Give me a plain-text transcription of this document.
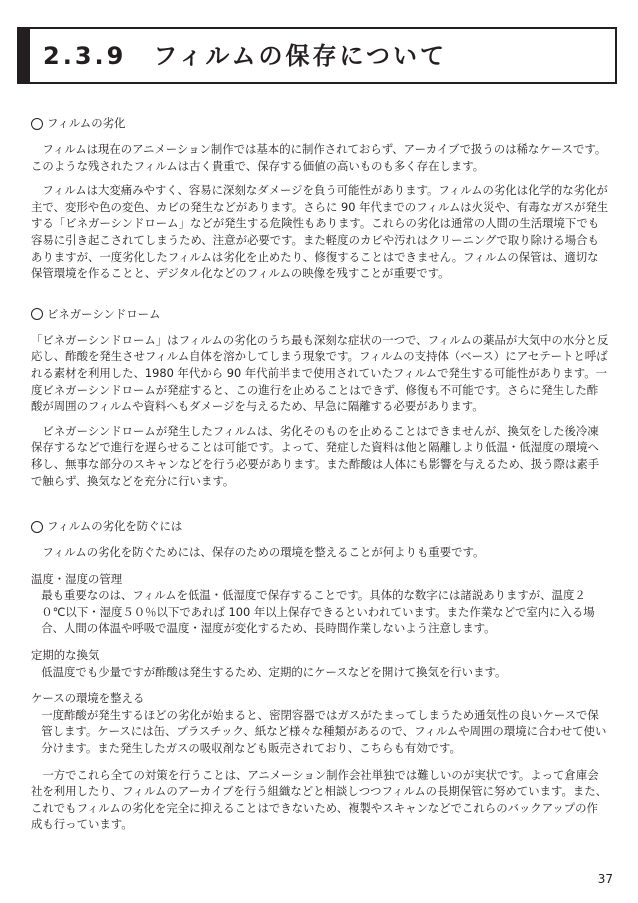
2.3.9　フィルムの保存について
フィルムの劣化

フィルムは現在のアニメーション制作では基本的に制作されておらず、アーカイブで扱うのは稀なケースです。このような残されたフィルムは古く貴重で、保存する価値の高いものも多く存在します。

フィルムは大変痛みやすく、容易に深刻なダメージを負う可能性があります。フィルムの劣化は化学的な劣化が主で、変形や色の変色、カビの発生などがあります。さらに 90 年代までのフィルムは火災や、有毒なガスが発生する「ビネガーシンドローム」などが発生する危険性もあります。これらの劣化は通常の人間の生活環境下でも容易に引き起こされてしまうため、注意が必要です。また軽度のカビや汚れはクリーニングで取り除ける場合もありますが、一度劣化したフィルムは劣化を止めたり、修復することはできません。フィルムの保管は、適切な保管環境を作ることと、デジタル化などのフィルムの映像を残すことが重要です。

ビネガーシンドローム

「ビネガーシンドローム」はフィルムの劣化のうち最も深刻な症状の一つで、フィルムの薬品が大気中の水分と反応し、酢酸を発生させフィルム自体を溶かしてしまう現象です。フィルムの支持体（ベース）にアセテートと呼ばれる素材を利用した、1980 年代から 90 年代前半まで使用されていたフィルムで発生する可能性があります。一度ビネガーシンドロームが発症すると、この進行を止めることはできず、修復も不可能です。さらに発生した酢酸が周囲のフィルムや資料へもダメージを与えるため、早急に隔離する必要があります。

ビネガーシンドロームが発生したフィルムは、劣化そのものを止めることはできませんが、換気をした後冷凍保存するなどで進行を遅らせることは可能です。よって、発症した資料は他と隔離しより低温・低湿度の環境へ移し、無事な部分のスキャンなどを行う必要があります。また酢酸は人体にも影響を与えるため、扱う際は素手で触らず、換気などを充分に行います。

フィルムの劣化を防ぐには

フィルムの劣化を防ぐためには、保存のための環境を整えることが何よりも重要です。

温度・湿度の管理

最も重要なのは、フィルムを低温・低湿度で保存することです。具体的な数字には諸説ありますが、温度２０℃以下・湿度５０％以下であれば 100 年以上保存できるといわれています。また作業などで室内に入る場合、人間の体温や呼吸で温度・湿度が変化するため、長時間作業しないよう注意します。

定期的な換気

低温度でも少量ですが酢酸は発生するため、定期的にケースなどを開けて換気を行います。

ケースの環境を整える

一度酢酸が発生するほどの劣化が始まると、密閉容器ではガスがたまってしまうため通気性の良いケースで保管します。ケースには缶、プラスチック、紙など様々な種類があるので、フィルムや周囲の環境に合わせて使い分けます。また発生したガスの吸収剤なども販売されており、こちらも有効です。

一方でこれら全ての対策を行うことは、アニメーション制作会社単独では難しいのが実状です。よって倉庫会社を利用したり、フィルムのアーカイブを行う組織などと相談しつつフィルムの長期保管に努めています。また、これでもフィルムの劣化を完全に抑えることはできないため、複製やスキャンなどでこれらのバックアップの作成も行っています。

37
